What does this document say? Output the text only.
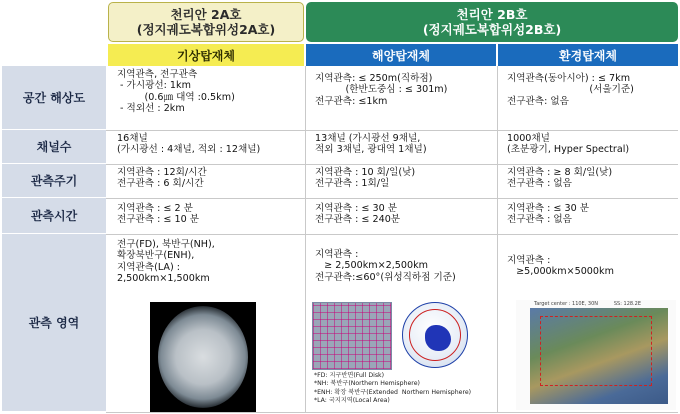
천리안 2A호
(정지궤도복합위성2A호)
천리안 2B호
(정지궤도복합위성2B호)
기상탑재체	해양탑재체	환경탑재체
공간 해상도
채널수
관측주기
관측시간
관측 영역
지역관측, 전구관측
- 가시광선: 1km
(0.6㎛ 대역 :0.5km)
- 적외선 : 2km
지역관측: ≤ 250m(직하점)
(한반도중심 : ≤ 301m)
전구관측: ≤1km
지역관측(동아시아) : ≤ 7km
(서울기준)
전구관측: 없음
16채널
(가시광선 : 4채널, 적외 : 12채널)
13채널 (가시광선 9채널,
적외 3채널, 광대역 1채널)
1000채널
(초분광기, Hyper Spectral)
지역관측 : 12회/시간
전구관측 : 6 회/시간
지역관측 : 10 회/일(낮)
전구관측 : 1회/일
지역관측 : ≥ 8 회/일(낮)
전구관측 : 없음
지역관측 : ≤ 2 분
전구관측 : ≤ 10 분
지역관측 : ≤ 30 분
전구관측 : ≤ 240분
지역관측 : ≤ 30 분
전구관측 : 없음
전구(FD), 북반구(NH),
확장북반구(ENH),
지역관측(LA) :
2,500km×1,500km
지역관측 :
≥ 2,500km×2,500km
전구관측:≤60°(위성직하점 기준)
지역관측 :
≥5,000km×5000km
*FD: 지구반면(Full Disk)
*NH: 북반구(Northern Hemisphere)
*ENH: 확장 북반구(Extended  Northern Hemisphere)
*LA: 국지지역(Local Area)
Target center : 110E, 30N          SS: 128.2E
